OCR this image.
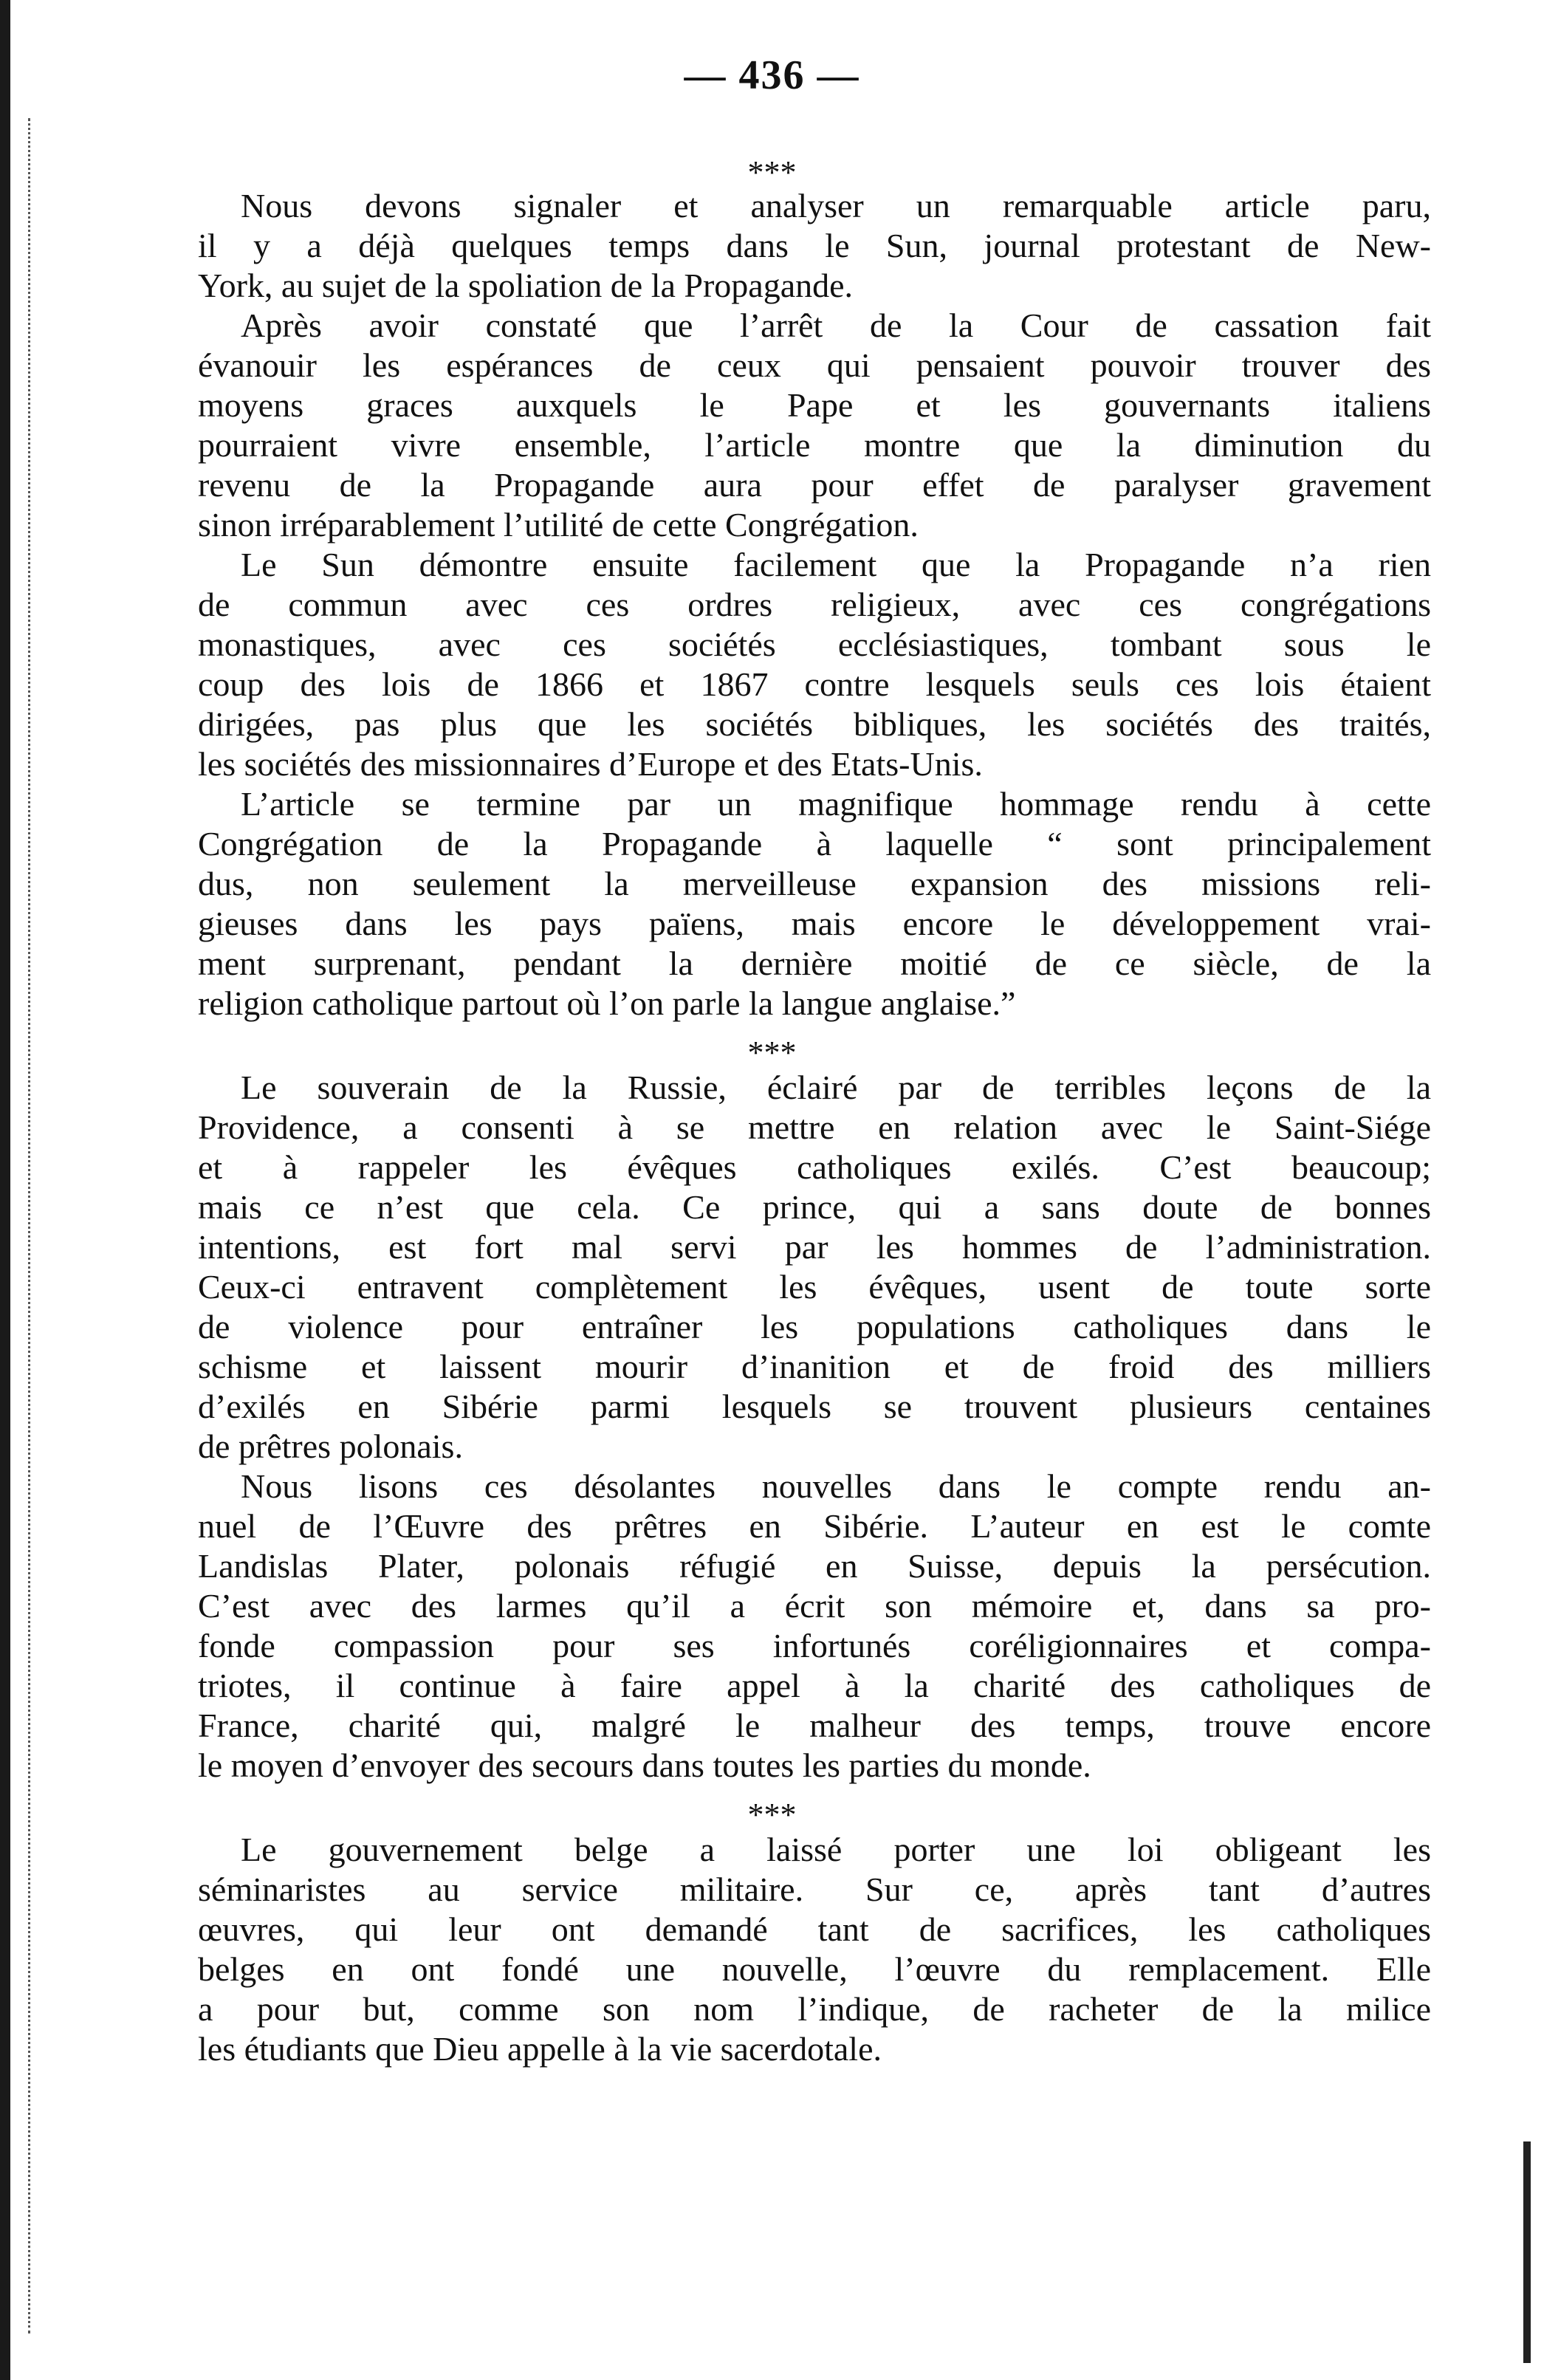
— 436 —
***
Nous devons signaler et analyser un remarquable article paru,
il y a déjà quelques temps dans le Sun, journal protestant de New-
York, au sujet de la spoliation de la Propagande.
Après avoir constaté que l’arrêt de la Cour de cassation fait
évanouir les espérances de ceux qui pensaient pouvoir trouver des
moyens graces auxquels le Pape et les gouvernants italiens
pourraient vivre ensemble, l’article montre que la diminution du
revenu de la Propagande aura pour effet de paralyser gravement
sinon irréparablement l’utilité de cette Congrégation.
Le Sun démontre ensuite facilement que la Propagande n’a rien
de commun avec ces ordres religieux, avec ces congrégations
monastiques, avec ces sociétés ecclésiastiques, tombant sous le
coup des lois de 1866 et 1867 contre lesquels seuls ces lois étaient
dirigées, pas plus que les sociétés bibliques, les sociétés des traités,
les sociétés des missionnaires d’Europe et des Etats-Unis.
L’article se termine par un magnifique hommage rendu à cette
Congrégation de la Propagande à laquelle “ sont principalement
dus, non seulement la merveilleuse expansion des missions reli-
gieuses dans les pays païens, mais encore le développement vrai-
ment surprenant, pendant la dernière moitié de ce siècle, de la
religion catholique partout où l’on parle la langue anglaise.”
Le souverain de la Russie, éclairé par de terribles leçons de la
Providence, a consenti à se mettre en relation avec le Saint-Siége
et à rappeler les évêques catholiques exilés. C’est beaucoup;
mais ce n’est que cela. Ce prince, qui a sans doute de bonnes
intentions, est fort mal servi par les hommes de l’administration.
Ceux-ci entravent complètement les évêques, usent de toute sorte
de violence pour entraîner les populations catholiques dans le
schisme et laissent mourir d’inanition et de froid des milliers
d’exilés en Sibérie parmi lesquels se trouvent plusieurs centaines
de prêtres polonais.
Nous lisons ces désolantes nouvelles dans le compte rendu an-
nuel de l’Œuvre des prêtres en Sibérie. L’auteur en est le comte
Landislas Plater, polonais réfugié en Suisse, depuis la persécution.
C’est avec des larmes qu’il a écrit son mémoire et, dans sa pro-
fonde compassion pour ses infortunés coréligionnaires et compa-
triotes, il continue à faire appel à la charité des catholiques de
France, charité qui, malgré le malheur des temps, trouve encore
le moyen d’envoyer des secours dans toutes les parties du monde.
Le gouvernement belge a laissé porter une loi obligeant les
séminaristes au service militaire. Sur ce, après tant d’autres
œuvres, qui leur ont demandé tant de sacrifices, les catholiques
belges en ont fondé une nouvelle, l’œuvre du remplacement. Elle
a pour but, comme son nom l’indique, de racheter de la milice
les étudiants que Dieu appelle à la vie sacerdotale.
***
***
